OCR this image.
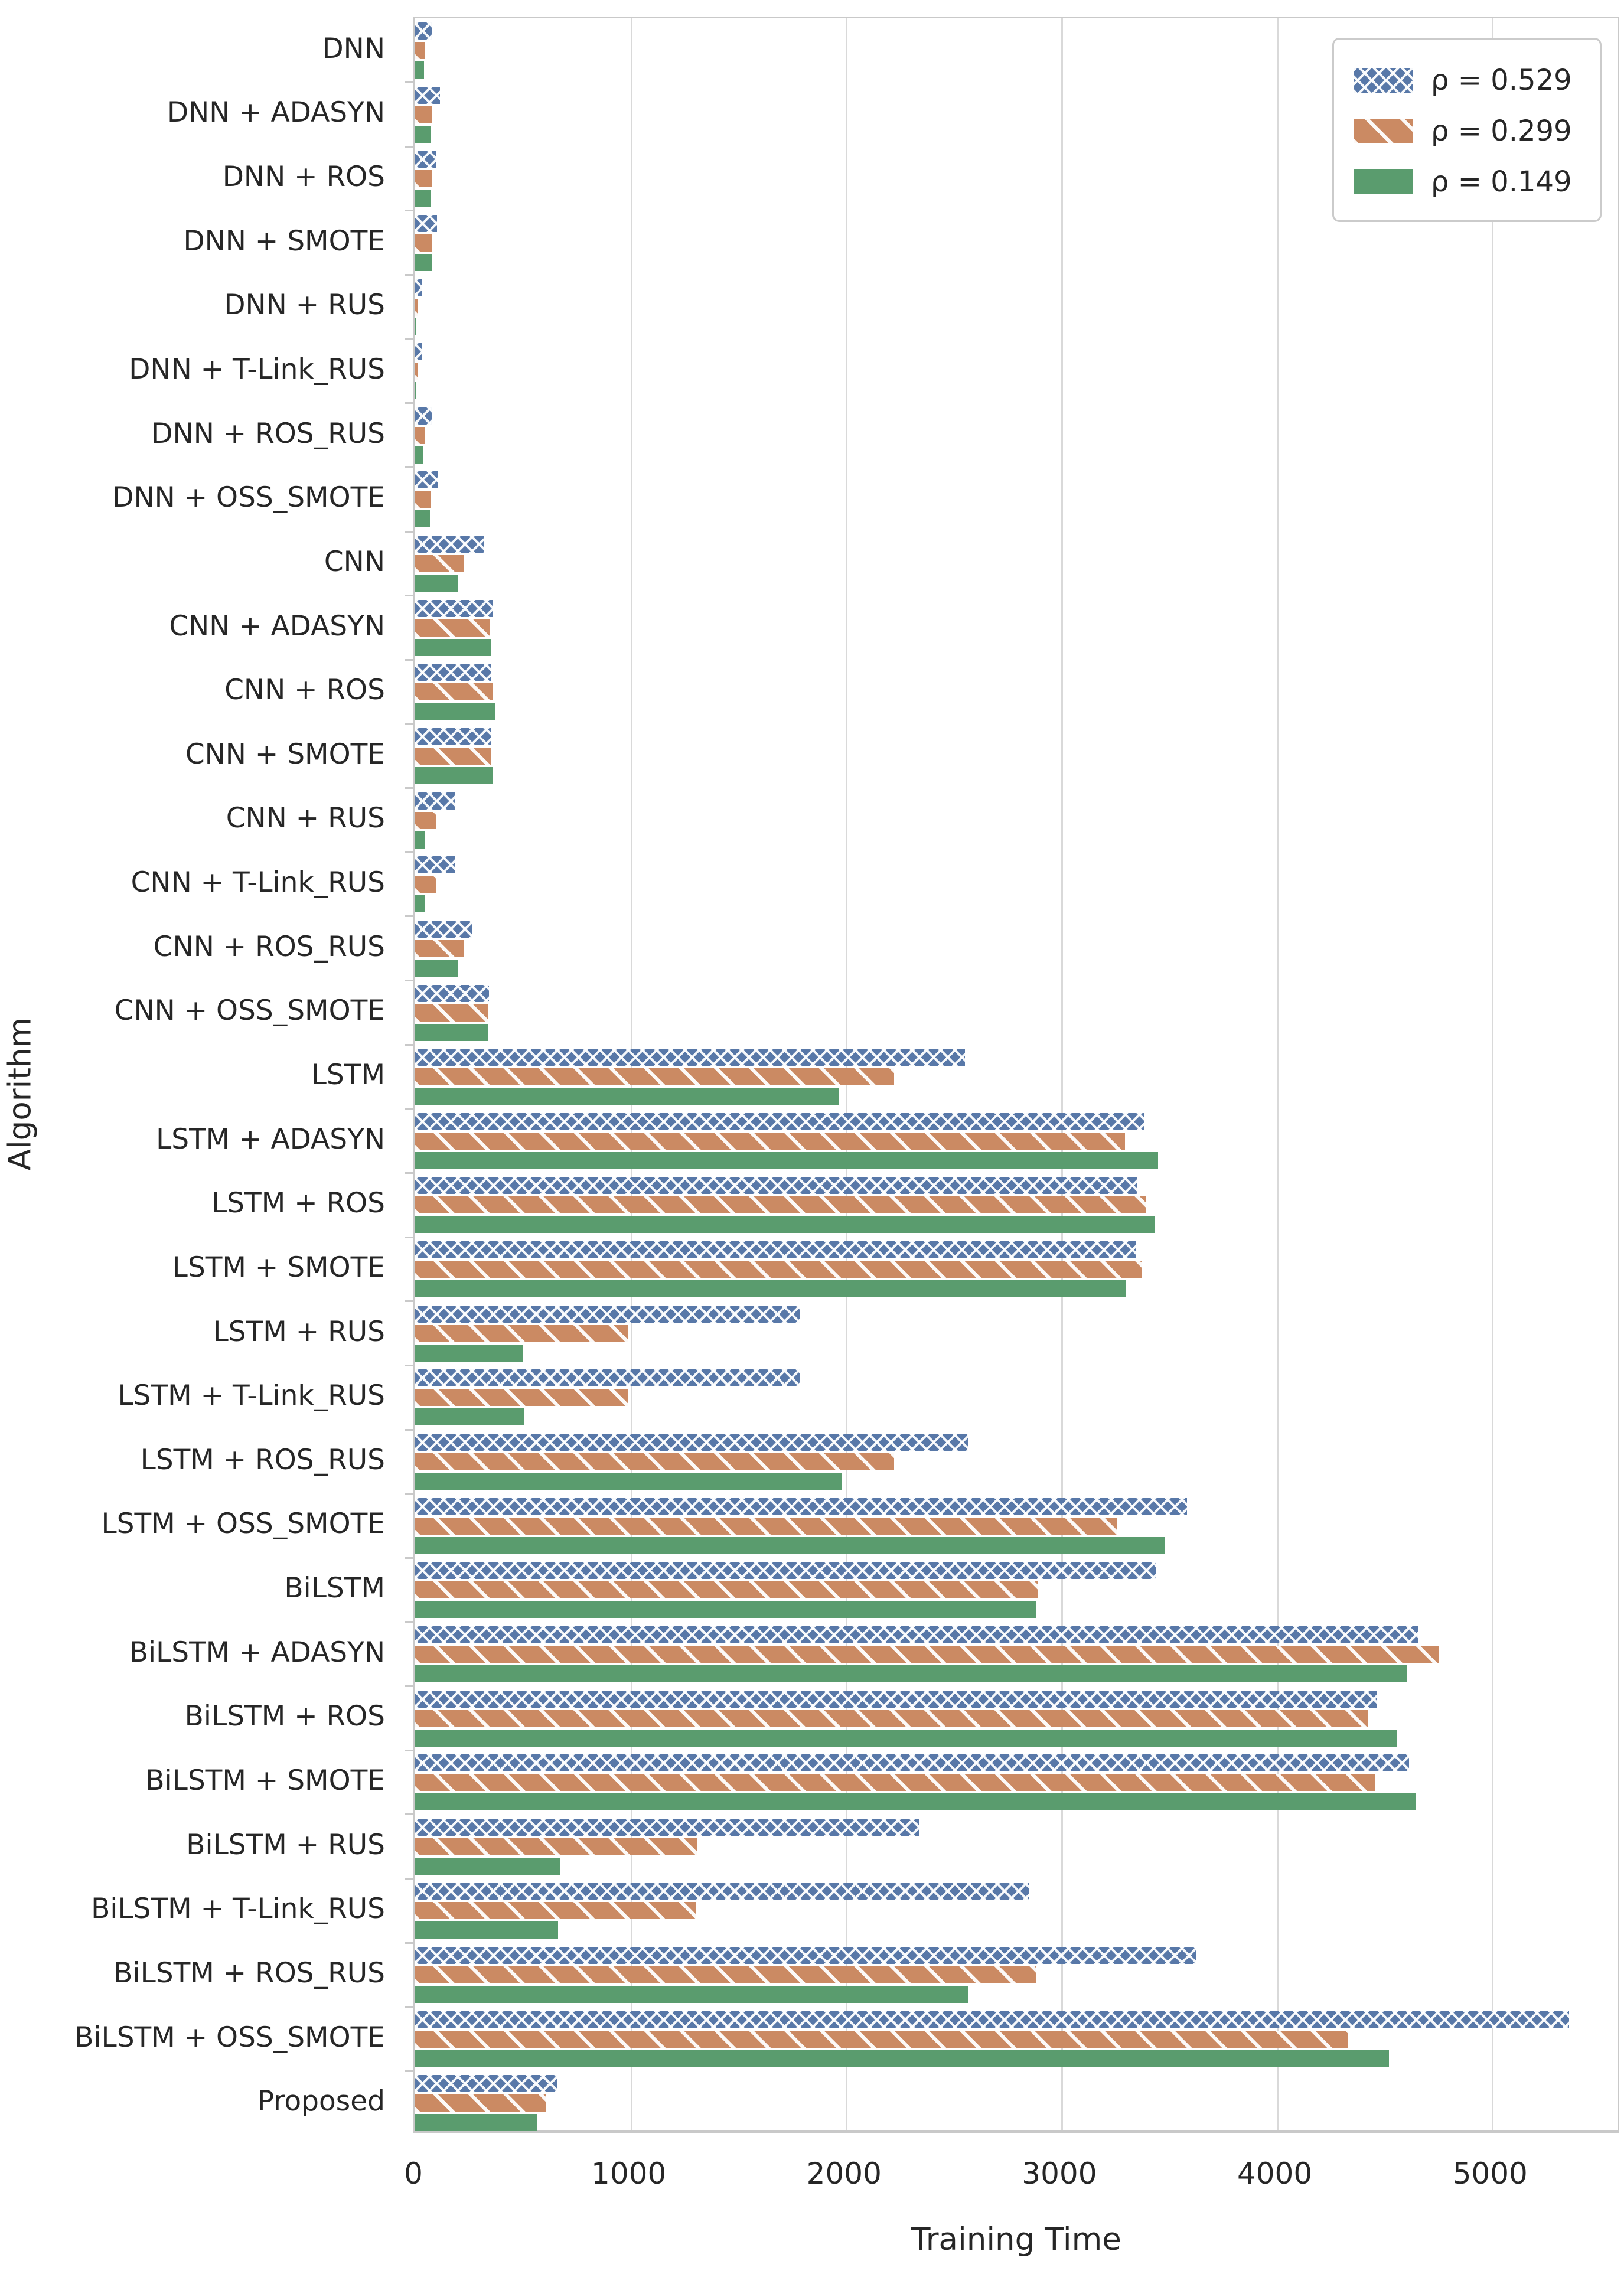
Algorithm
DNN
DNN + ADASYN
DNN + ROS
DNN + SMOTE
DNN + RUS
DNN + T-Link_RUS
DNN + ROS_RUS
DNN + OSS_SMOTE
CNN
CNN + ADASYN
CNN + ROS
CNN + SMOTE
CNN + RUS
CNN + T-Link_RUS
CNN + ROS_RUS
CNN + OSS_SMOTE
LSTM
LSTM + ADASYN
LSTM + ROS
LSTM + SMOTE
LSTM + RUS
LSTM + T-Link_RUS
LSTM + ROS_RUS
LSTM + OSS_SMOTE
BiLSTM
BiLSTM + ADASYN
BiLSTM + ROS
BiLSTM + SMOTE
BiLSTM + RUS
BiLSTM + T-Link_RUS
BiLSTM + ROS_RUS
BiLSTM + OSS_SMOTE
Proposed
0	1000	2000	3000	4000	5000
Training Time
ρ = 0.529
ρ = 0.299
ρ = 0.149
